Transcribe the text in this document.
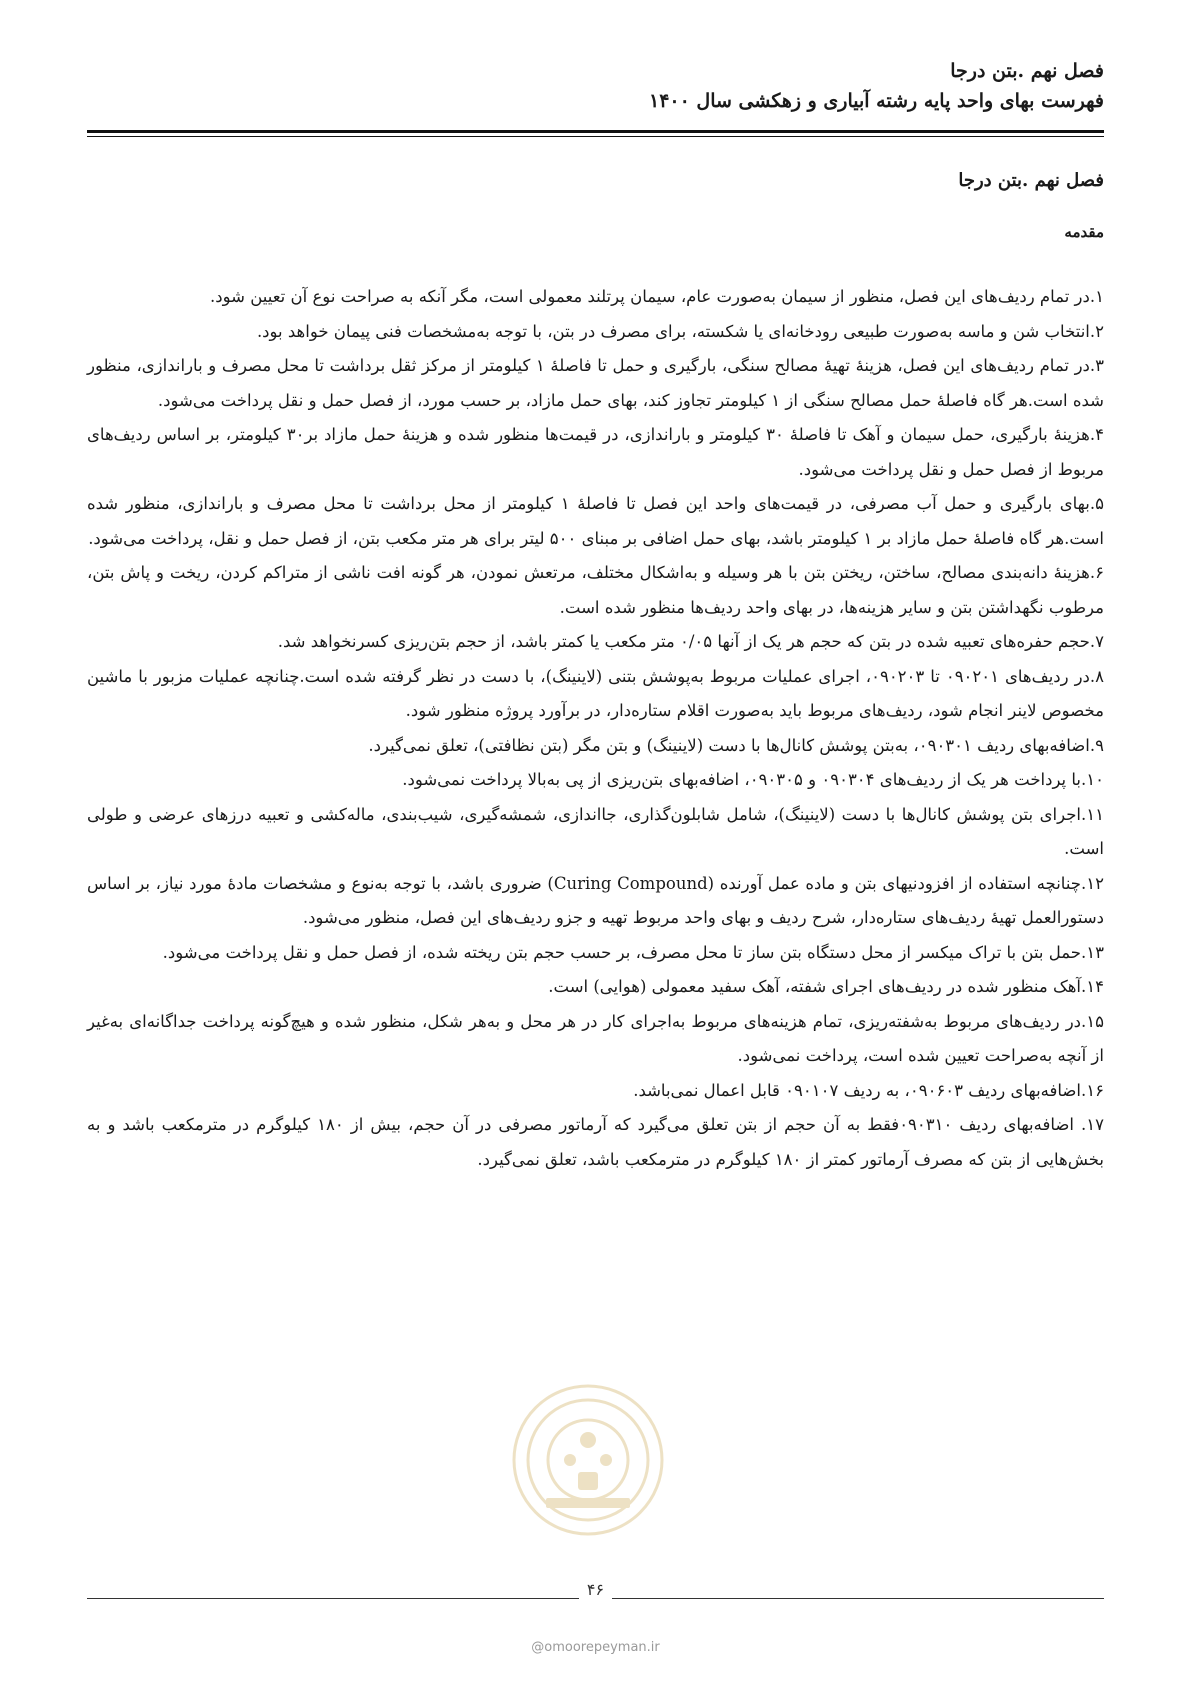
فصل نهم .بتن درجا
فهرست بهای واحد پایه رشته آبیاری و زهکشی سال ۱۴۰۰
فصل نهم .بتن درجا
مقدمه

۱.در تمام ردیف‌های این فصل، منظور از سیمان به‌صورت عام، سیمان پرتلند معمولی است، مگر آنکه به صراحت نوع آن تعیین شود.

۲.انتخاب شن و ماسه به‌صورت طبیعی رودخانه‌ای یا شکسته، برای مصرف در بتن، با توجه به‌مشخصات فنی پیمان خواهد بود.

۳.در تمام ردیف‌های این فصل، هزینهٔ تهیهٔ مصالح سنگی، بارگیری و حمل تا فاصلهٔ ۱ کیلومتر از مرکز ثقل برداشت تا محل مصرف و باراندازی، منظور شده است.هر گاه فاصلهٔ حمل مصالح سنگی از ۱ کیلومتر تجاوز کند، بهای حمل مازاد، بر حسب مورد، از فصل حمل و نقل پرداخت می‌شود.

۴.هزینهٔ بارگیری، حمل سیمان و آهک تا فاصلهٔ ۳۰ کیلومتر و باراندازی، در قیمت‌ها منظور شده و هزینهٔ حمل مازاد بر۳۰ کیلومتر، بر اساس ردیف‌های مربوط از فصل حمل و نقل پرداخت می‌شود.

۵.بهای بارگیری و حمل آب مصرفی، در قیمت‌های واحد این فصل تا فاصلهٔ ۱ کیلومتر از محل برداشت تا محل مصرف و باراندازی، منظور شده است.هر گاه فاصلهٔ حمل مازاد بر ۱ کیلومتر باشد، بهای حمل اضافی بر مبنای ۵۰۰ لیتر برای هر متر مکعب بتن، از فصل حمل و نقل، پرداخت می‌شود.

۶.هزینهٔ دانه‌بندی مصالح، ساختن، ریختن بتن با هر وسیله و به‌اشکال مختلف، مرتعش نمودن، هر گونه افت ناشی از متراکم کردن، ریخت و پاش بتن، مرطوب نگهداشتن بتن و سایر هزینه‌ها، در بهای واحد ردیف‌ها منظور شده است.

۷.حجم حفره‌های تعبیه شده در بتن که حجم هر یک از آنها ۰/۰۵ متر مکعب یا کمتر باشد، از حجم بتن‌ریزی کسرنخواهد شد.

۸.در ردیف‌های ۰۹۰۲۰۱ تا ۰۹۰۲۰۳، اجرای عملیات مربوط به‌پوشش بتنی (لاینینگ)، با دست در نظر گرفته شده است.چنانچه عملیات مزبور با ماشین مخصوص لاینر انجام شود، ردیف‌های مربوط باید به‌صورت اقلام ستاره‌دار، در برآورد پروژه منظور شود.

۹.اضافه‌بهای ردیف ۰۹۰۳۰۱، به‌بتن پوشش کانال‌ها با دست (لاینینگ) و بتن مگر (بتن نظافتی)، تعلق نمی‌گیرد.

۱۰.با پرداخت هر یک از ردیف‌های ۰۹۰۳۰۴ و ۰۹۰۳۰۵، اضافه‌بهای بتن‌ریزی از پی به‌بالا پرداخت نمی‌شود.

۱۱.اجرای بتن پوشش کانال‌ها با دست (لاینینگ)، شامل شابلون‌گذاری، جااندازی، شمشه‌گیری، شیب‌بندی، ماله‌کشی و تعبیه درزهای عرضی و طولی است.

۱۲.چنانچه استفاده از افزودنیهای بتن و ماده عمل آورنده (Curing Compound) ضروری باشد، با توجه به‌نوع و مشخصات مادهٔ مورد نیاز، بر اساس دستورالعمل تهیهٔ ردیف‌های ستاره‌دار، شرح ردیف و بهای واحد مربوط تهیه و جزو ردیف‌های این فصل، منظور می‌شود.

۱۳.حمل بتن با تراک میکسر از محل دستگاه بتن ساز تا محل مصرف، بر حسب حجم بتن ریخته شده، از فصل حمل و نقل پرداخت می‌شود.

۱۴.آهک منظور شده در ردیف‌های اجرای شفته، آهک سفید معمولی (هوایی) است.

۱۵.در ردیف‌های مربوط به‌شفته‌ریزی، تمام هزینه‌های مربوط به‌اجرای کار در هر محل و به‌هر شکل، منظور شده و هیچ‌گونه پرداخت جداگانه‌ای به‌غیر از آنچه به‌صراحت تعیین شده است، پرداخت نمی‌شود.

۱۶.اضافه‌بهای ردیف ۰۹۰۶۰۳، به ردیف ۰۹۰۱۰۷ قابل اعمال نمی‌باشد.

۱۷. اضافه‌بهای ردیف ۰۹۰۳۱۰فقط به آن حجم از بتن تعلق می‌گیرد که آرماتور مصرفی در آن حجم، بیش از ۱۸۰ کیلوگرم در مترمکعب باشد و به بخش‌هایی از بتن که مصرف آرماتور کمتر از ۱۸۰ کیلوگرم در مترمکعب باشد، تعلق نمی‌گیرد.

۴۶
@omoorepeyman.ir
